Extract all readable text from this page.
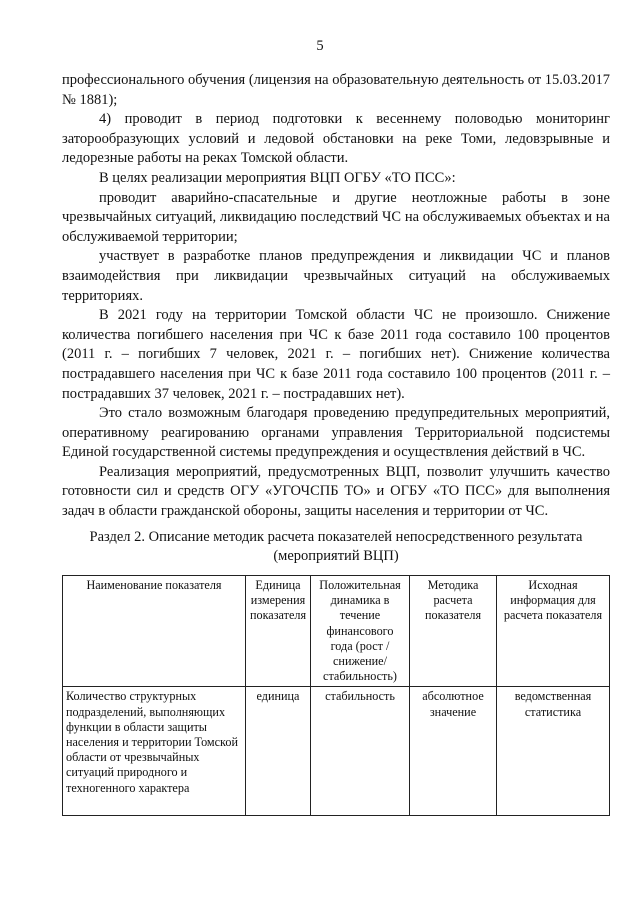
5

профессионального обучения (лицензия на образовательную деятельность от 15.03.2017 № 1881);

4) проводит в период подготовки к весеннему половодью мониторинг заторообразующих условий и ледовой обстановки на реке Томи, ледовзрывные и ледорезные работы на реках Томской области.

В целях реализации мероприятия ВЦП ОГБУ «ТО ПСС»:

проводит аварийно-спасательные и другие неотложные работы в зоне чрезвычайных ситуаций, ликвидацию последствий ЧС на обслуживаемых объектах и на обслуживаемой территории;

участвует в разработке планов предупреждения и ликвидации ЧС и планов взаимодействия при ликвидации чрезвычайных ситуаций на обслуживаемых территориях.

В 2021 году на территории Томской области ЧС не произошло. Снижение количества погибшего населения при ЧС к базе 2011 года составило 100 процентов (2011 г. – погибших 7 человек, 2021 г. – погибших нет). Снижение количества пострадавшего населения при ЧС к базе 2011 года составило 100 процентов (2011 г. – пострадавших 37 человек, 2021 г. – пострадавших нет).

Это стало возможным благодаря проведению предупредительных мероприятий, оперативному реагированию органами управления Территориальной подсистемы Единой государственной системы предупреждения и осуществления действий в ЧС.

Реализация мероприятий, предусмотренных ВЦП, позволит улучшить качество готовности сил и средств ОГУ «УГОЧСПБ ТО» и ОГБУ «ТО ПСС» для выполнения задач в области гражданской обороны, защиты населения и территории от ЧС.

Раздел 2. Описание методик расчета показателей непосредственного результата
(мероприятий ВЦП)
Наименование показателя	Единица измерения показателя	Положительная динамика в течение финансового года (рост / снижение/ стабильность)	Методика расчета показателя	Исходная информация для расчета показателя
Количество структурных подразделений, выполняющих функции в области защиты населения и территории Томской области от чрезвычайных ситуаций природного и техногенного характера	единица	стабильность	абсолютное значение	ведомственная статистика
